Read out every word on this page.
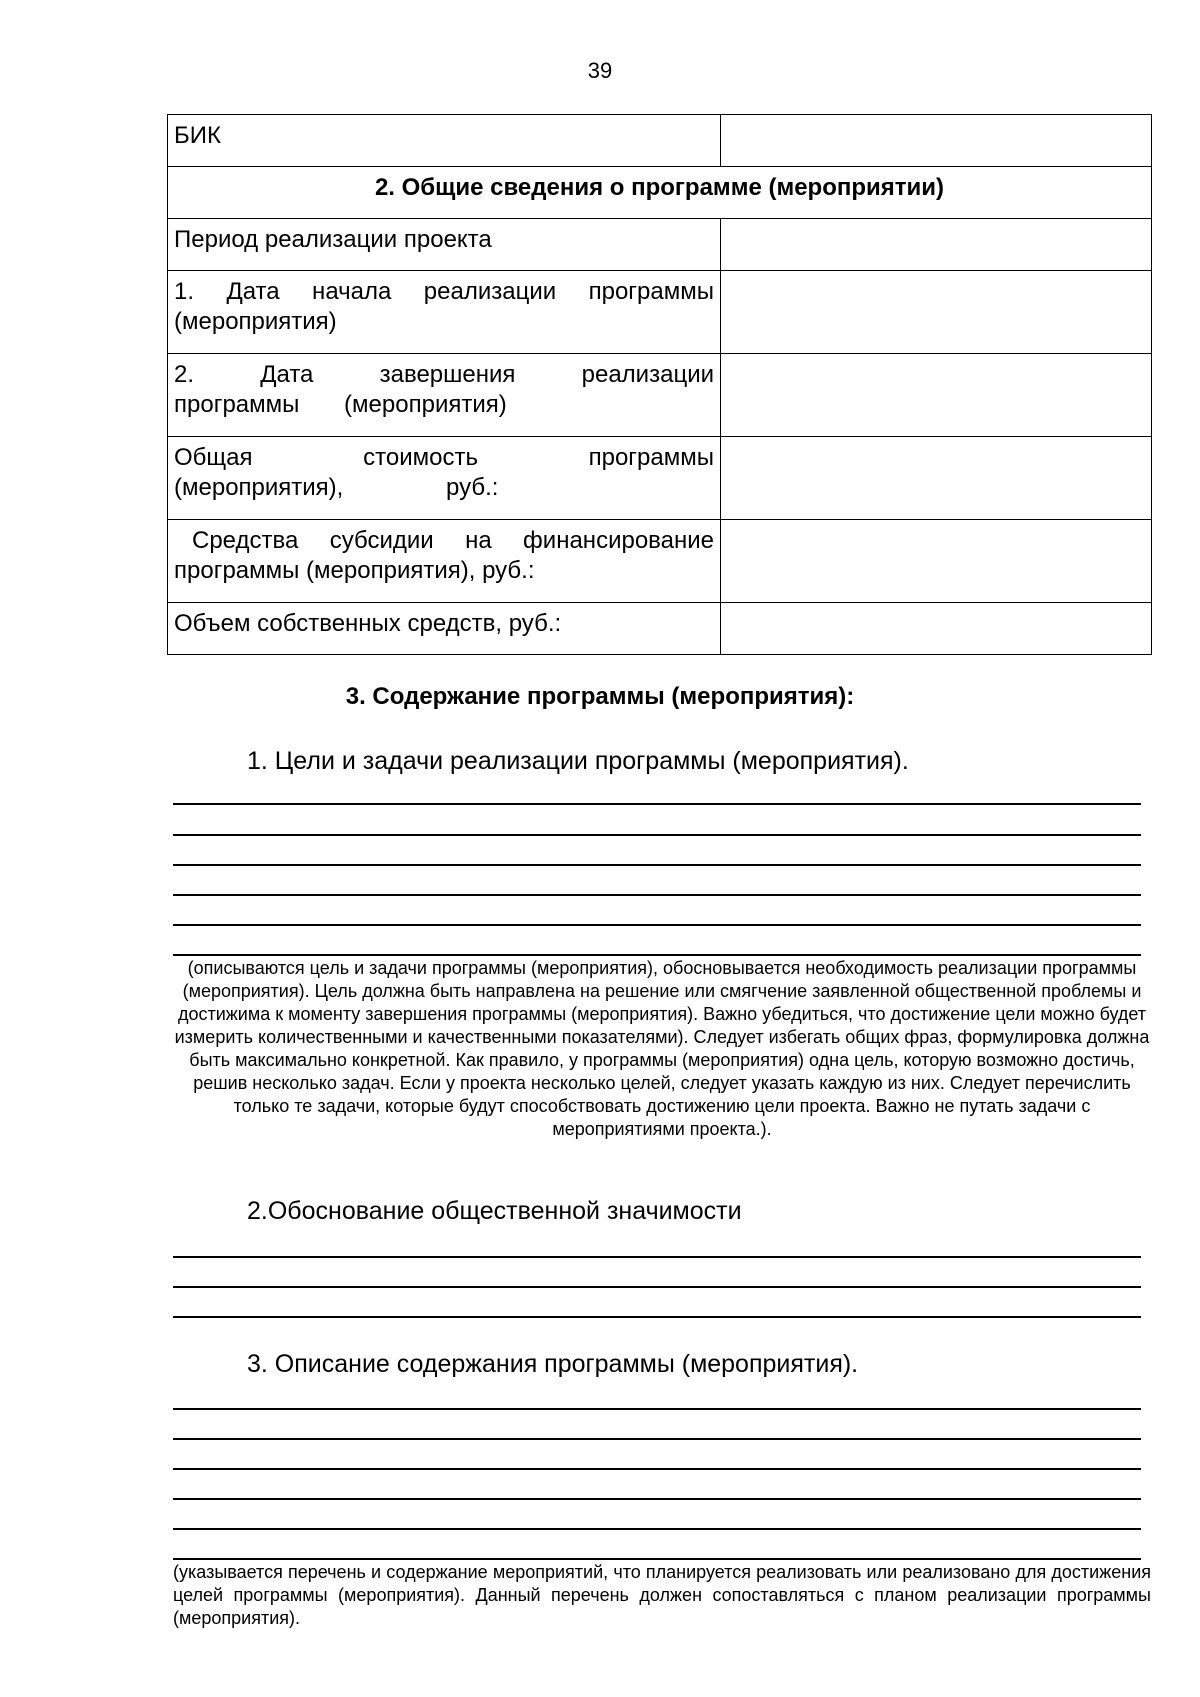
39
БИК	
2. Общие сведения о программе (мероприятии)	
Период реализации проекта	
1. Дата начала реализации программы (мероприятия)	
2. Дата завершения реализации программы (мероприятия)	
Общая стоимость программы (мероприятия), руб.:	
Средства субсидии на финансирование программы (мероприятия), руб.:	
Объем собственных средств, руб.:	
3. Содержание программы (мероприятия):
1. Цели и задачи реализации программы (мероприятия).
(описываются цель и задачи программы (мероприятия), обосновывается необходимость реализации программы (мероприятия). Цель должна быть направлена на решение или смягчение заявленной общественной проблемы и достижима к моменту завершения программы (мероприятия). Важно убедиться, что достижение цели можно будет измерить количественными и качественными показателями). Следует избегать общих фраз, формулировка должна быть максимально конкретной. Как правило, у программы (мероприятия) одна цель, которую возможно достичь, решив несколько задач. Если у проекта несколько целей, следует указать каждую из них. Следует перечислить только те задачи, которые будут способствовать достижению цели проекта. Важно не путать задачи с мероприятиями проекта.).
2.Обоснование общественной значимости
3. Описание содержания программы (мероприятия).
(указывается перечень и содержание мероприятий, что планируется реализовать или реализовано для достижения целей программы (мероприятия). Данный перечень должен сопоставляться с планом реализации программы (мероприятия).
